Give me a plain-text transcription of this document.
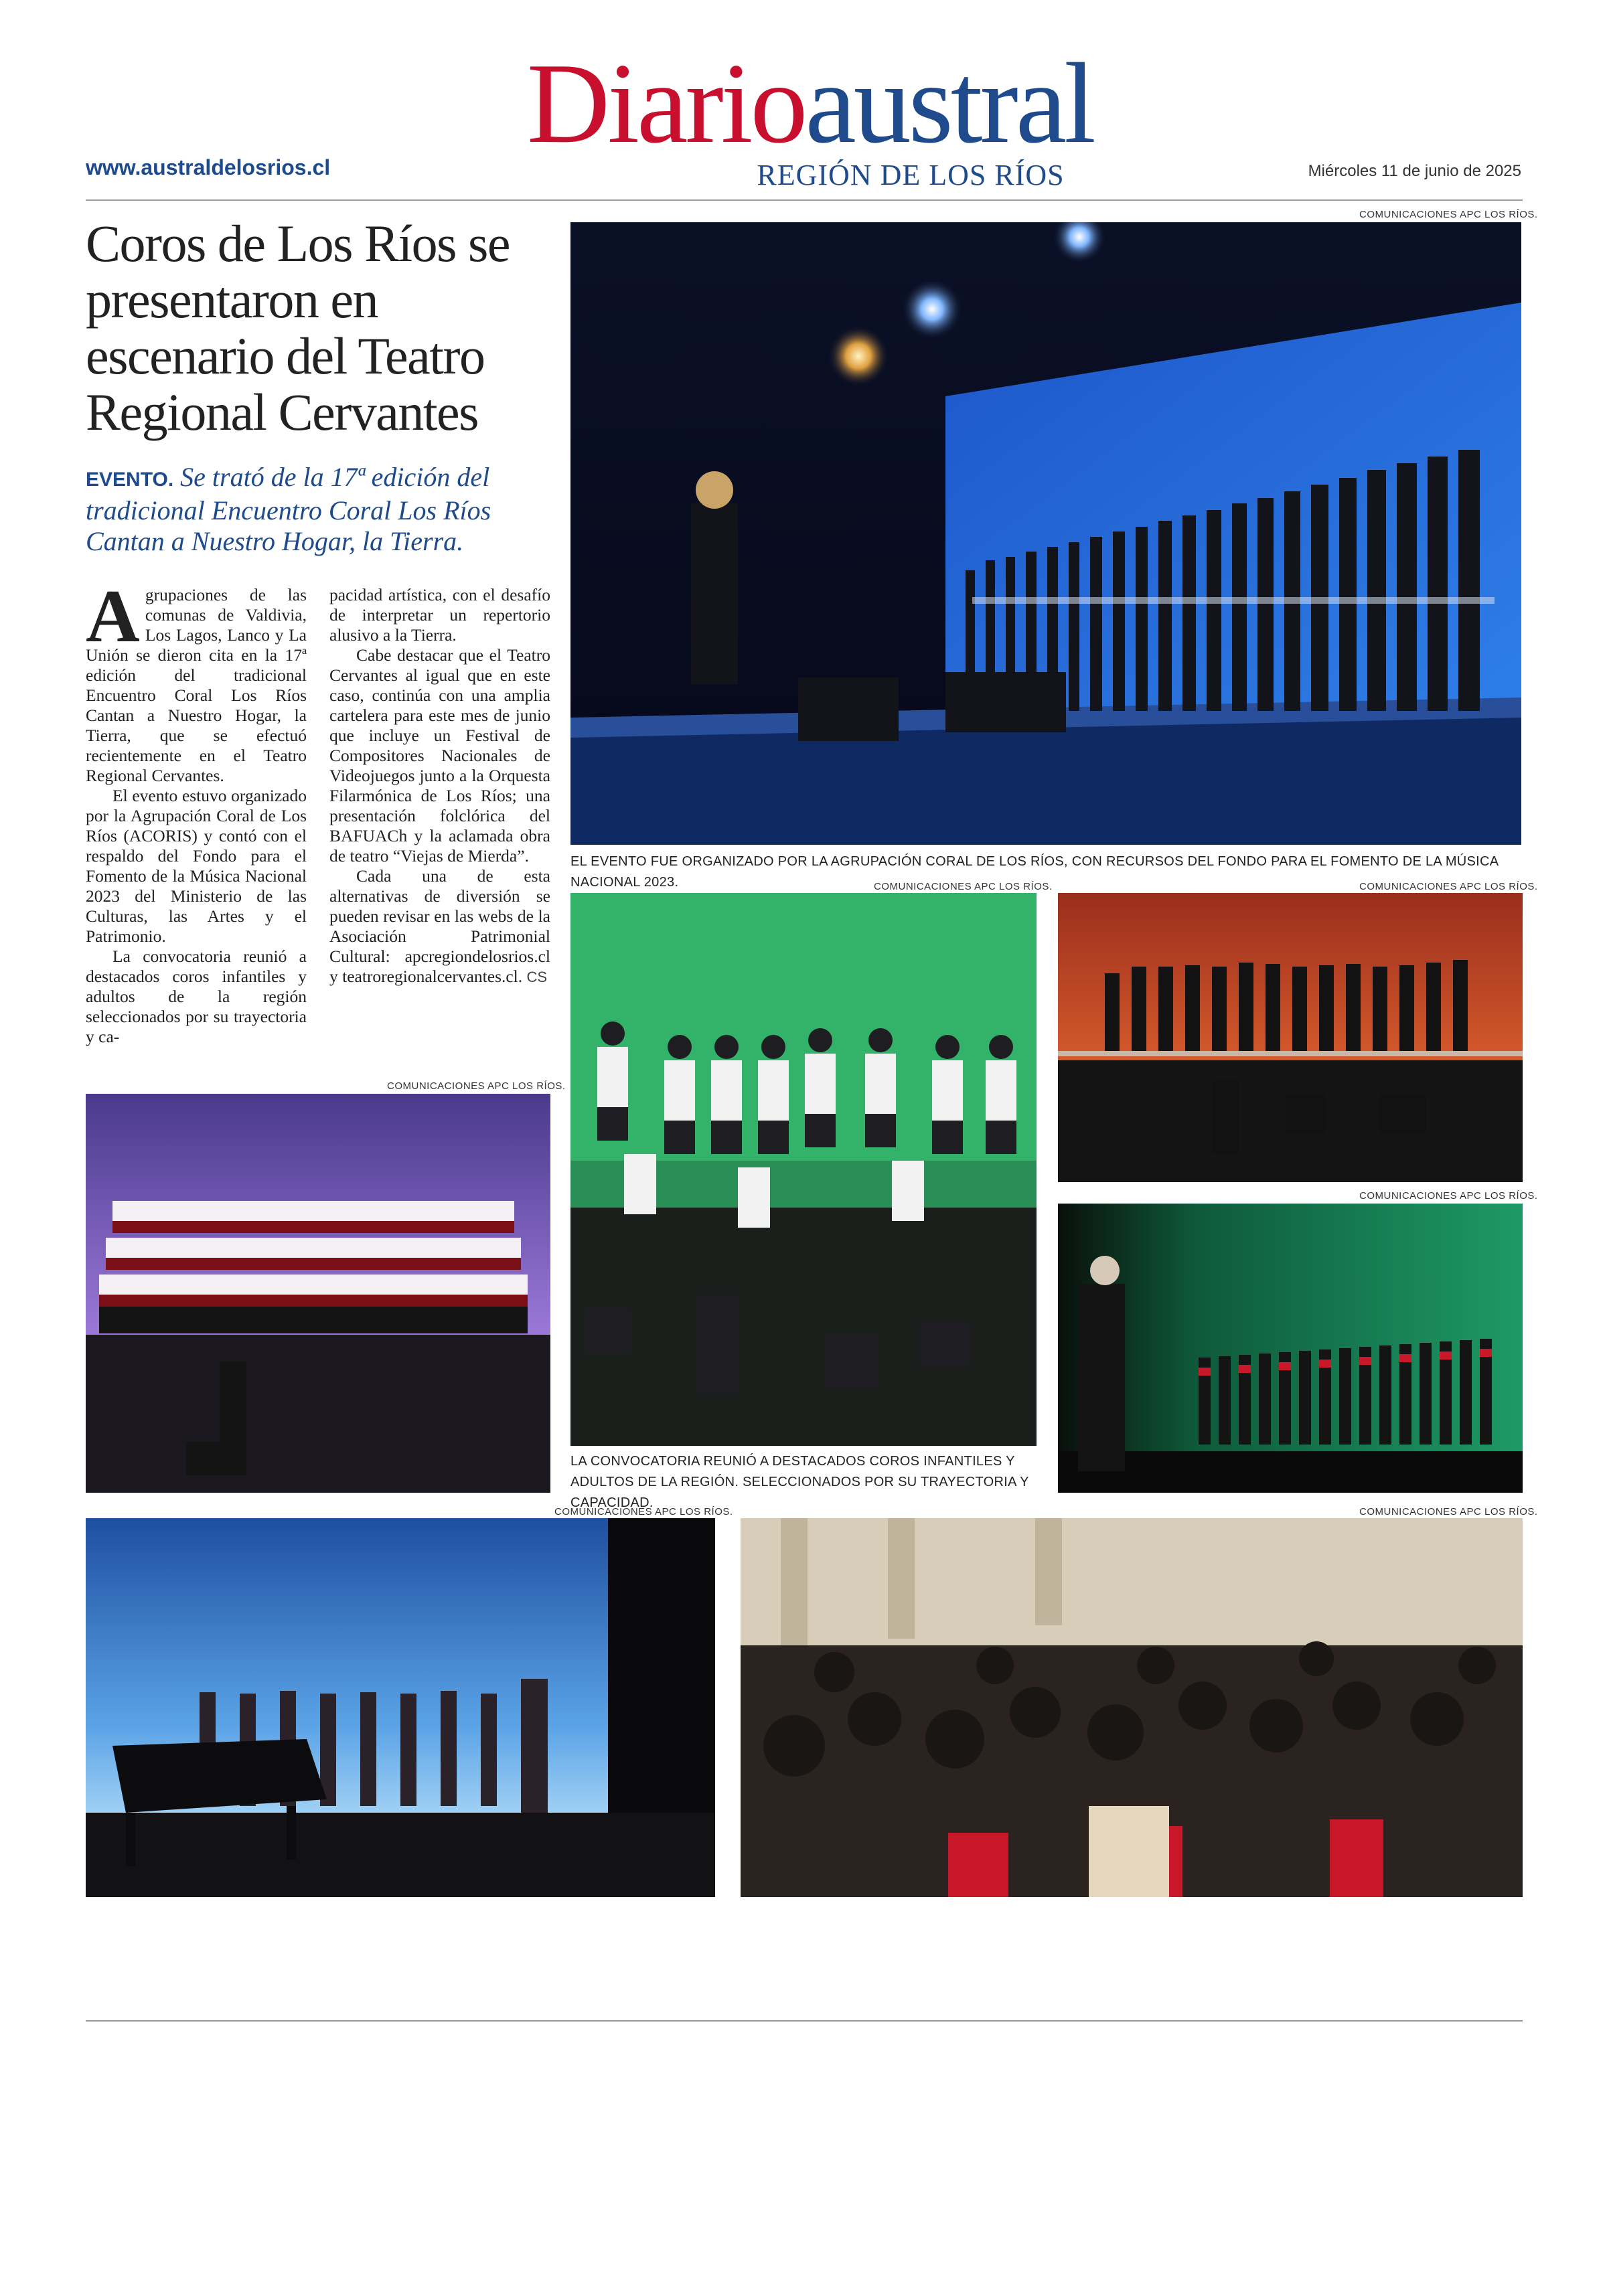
Diarioaustral
REGIÓN DE LOS RÍOS
www.australdelosrios.cl	Miércoles 11 de junio de 2025
Coros de Los Ríos se presentaron en escenario del Teatro Regional Cervantes
EVENTO. Se trató de la 17ª edición del tradicional Encuentro Coral Los Ríos Cantan a Nuestro Hogar, la Tierra.

Agrupaciones de las comunas de Valdivia, Los Lagos, Lanco y La Unión se dieron cita en la 17ª edición del tradicional Encuentro Coral Los Ríos Cantan a Nuestro Hogar, la Tierra, que se efectuó recientemente en el Teatro Regional Cervantes.

El evento estuvo organizado por la Agrupación Coral de Los Ríos (ACORIS) y contó con el respaldo del Fondo para el Fomento de la Música Nacional 2023 del Ministerio de las Culturas, las Artes y el Patrimonio.

La convocatoria reunió a destacados coros infantiles y adultos de la región seleccionados por su trayectoria y ca-

pacidad artística, con el desafío de interpretar un repertorio alusivo a la Tierra.

Cabe destacar que el Teatro Cervantes al igual que en este caso, continúa con una amplia cartelera para este mes de junio que incluye un Festival de Compositores Nacionales de Videojuegos junto a la Orquesta Filarmónica de Los Ríos; una presentación folclórica del BAFUACh y la aclamada obra de teatro “Viejas de Mierda”.

Cada una de esta alternativas de diversión se pueden revisar en las webs de la Asociación Patrimonial Cultural: apcregiondelosrios.cl y teatroregionalcervantes.cl. CS

COMUNICACIONES APC LOS RÍOS.
EL EVENTO FUE ORGANIZADO POR LA AGRUPACIÓN CORAL DE LOS RÍOS, CON RECURSOS DEL FONDO PARA EL FOMENTO DE LA MÚSICA NACIONAL 2023.	COMUNICACIONES APC LOS RÍOS.
LA CONVOCATORIA REUNIÓ A DESTACADOS COROS INFANTILES Y ADULTOS DE LA REGIÓN. SELECCIONADOS POR SU TRAYECTORIA Y CAPACIDAD.
COMUNICACIONES APC LOS RÍOS.
COMUNICACIONES APC LOS RÍOS.
COMUNICACIONES APC LOS RÍOS.
COMUNICACIONES APC LOS RÍOS.	COMUNICACIONES APC LOS RÍOS.
